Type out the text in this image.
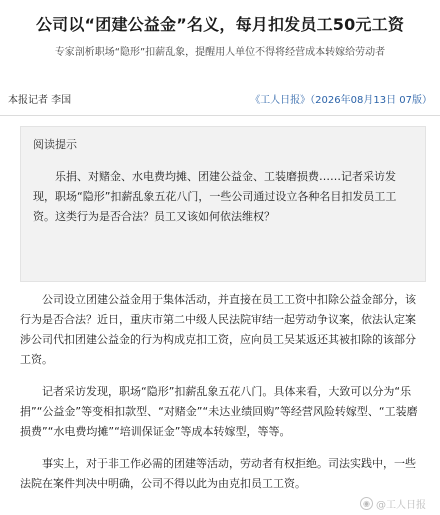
公司以“团建公益金”名义，每月扣发员工50元工资

专家剖析职场“隐形”扣薪乱象，提醒用人单位不得将经营成本转嫁给劳动者

本报记者 李国	《工人日报》（2026年08月13日 07版）

阅读提示

乐捐、对赌金、水电费均摊、团建公益金、工装磨损费……记者采访发现，职场“隐形”扣薪乱象五花八门，一些公司通过设立各种名目扣发员工工资。这类行为是否合法？员工又该如何依法维权？

公司设立团建公益金用于集体活动，并直接在员工工资中扣除公益金部分，该行为是否合法？近日，重庆市第二中级人民法院审结一起劳动争议案，依法认定案涉公司代扣团建公益金的行为构成克扣工资，应向员工吴某返还其被扣除的该部分工资。

记者采访发现，职场“隐形”扣薪乱象五花八门。具体来看，大致可以分为“乐捐”“公益金”等变相扣款型、“对赌金”“未达业绩回购”等经营风险转嫁型、“工装磨损费”“水电费均摊”“培训保证金”等成本转嫁型，等等。

事实上，对于非工作必需的团建等活动，劳动者有权拒绝。司法实践中，一些法院在案件判决中明确，公司不得以此为由克扣员工工资。

◉ @工人日报
